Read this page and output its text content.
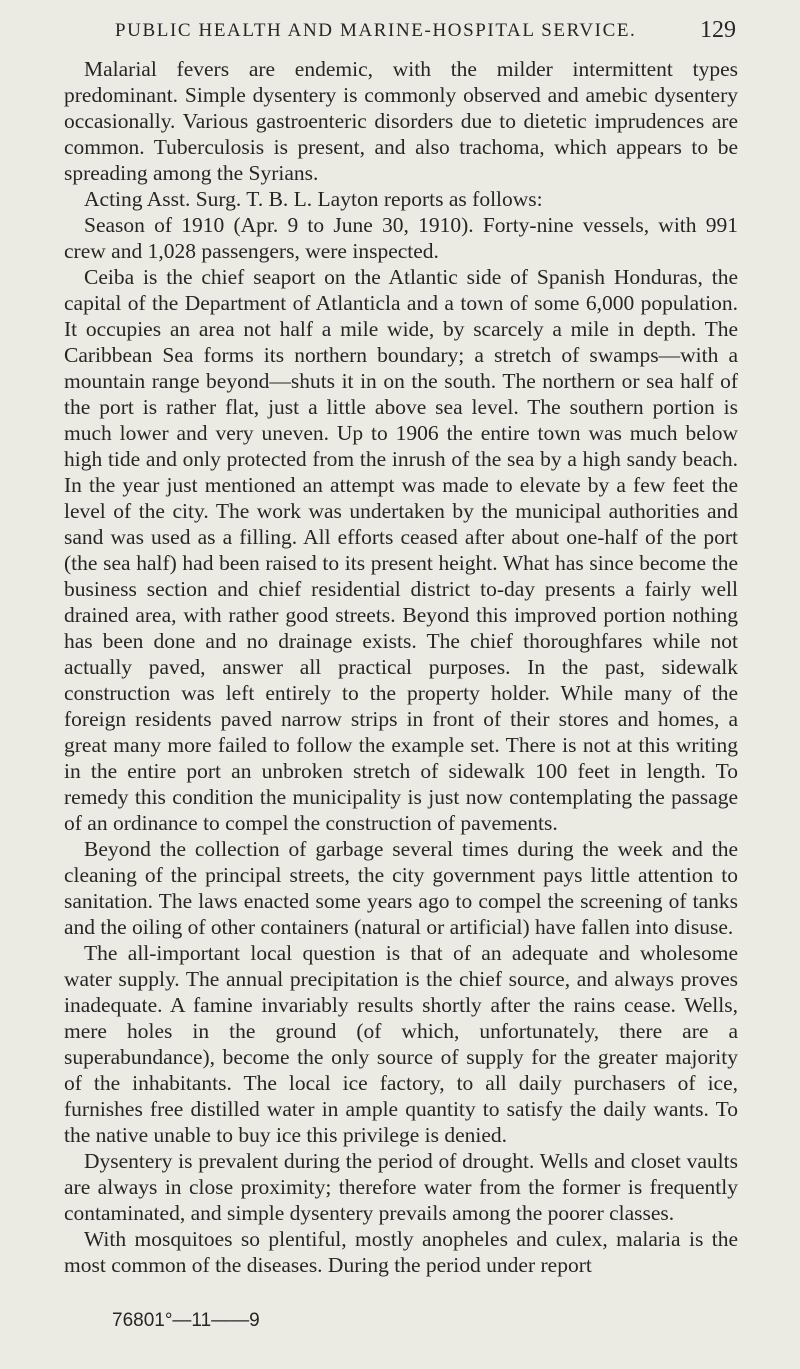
PUBLIC HEALTH AND MARINE-HOSPITAL SERVICE.	129

Malarial fevers are endemic, with the milder intermittent types predominant. Simple dysentery is commonly observed and amebic dysentery occasionally. Various gastroenteric disorders due to dietetic imprudences are common. Tuberculosis is present, and also trachoma, which appears to be spreading among the Syrians.

Acting Asst. Surg. T. B. L. Layton reports as follows:

Season of 1910 (Apr. 9 to June 30, 1910). Forty-nine vessels, with 991 crew and 1,028 passengers, were inspected.

Ceiba is the chief seaport on the Atlantic side of Spanish Honduras, the capital of the Department of Atlanticla and a town of some 6,000 population. It occupies an area not half a mile wide, by scarcely a mile in depth. The Caribbean Sea forms its northern boundary; a stretch of swamps—with a mountain range beyond—shuts it in on the south. The northern or sea half of the port is rather flat, just a little above sea level. The southern portion is much lower and very uneven. Up to 1906 the entire town was much below high tide and only protected from the inrush of the sea by a high sandy beach. In the year just mentioned an attempt was made to elevate by a few feet the level of the city. The work was undertaken by the municipal authorities and sand was used as a filling. All efforts ceased after about one-half of the port (the sea half) had been raised to its present height. What has since become the business section and chief residential district to-day presents a fairly well drained area, with rather good streets. Beyond this improved portion nothing has been done and no drainage exists. The chief thoroughfares while not actually paved, answer all practical purposes. In the past, sidewalk construction was left entirely to the property holder. While many of the foreign residents paved narrow strips in front of their stores and homes, a great many more failed to follow the example set. There is not at this writing in the entire port an unbroken stretch of sidewalk 100 feet in length. To remedy this condition the municipality is just now contemplating the passage of an ordinance to compel the construction of pavements.

Beyond the collection of garbage several times during the week and the cleaning of the principal streets, the city government pays little attention to sanitation. The laws enacted some years ago to compel the screening of tanks and the oiling of other containers (natural or artificial) have fallen into disuse.

The all-important local question is that of an adequate and wholesome water supply. The annual precipitation is the chief source, and always proves inadequate. A famine invariably results shortly after the rains cease. Wells, mere holes in the ground (of which, unfortunately, there are a superabundance), become the only source of supply for the greater majority of the inhabitants. The local ice factory, to all daily purchasers of ice, furnishes free distilled water in ample quantity to satisfy the daily wants. To the native unable to buy ice this privilege is denied.

Dysentery is prevalent during the period of drought. Wells and closet vaults are always in close proximity; therefore water from the former is frequently contaminated, and simple dysentery prevails among the poorer classes.

With mosquitoes so plentiful, mostly anopheles and culex, malaria is the most common of the diseases. During the period under report

76801°—11——9
